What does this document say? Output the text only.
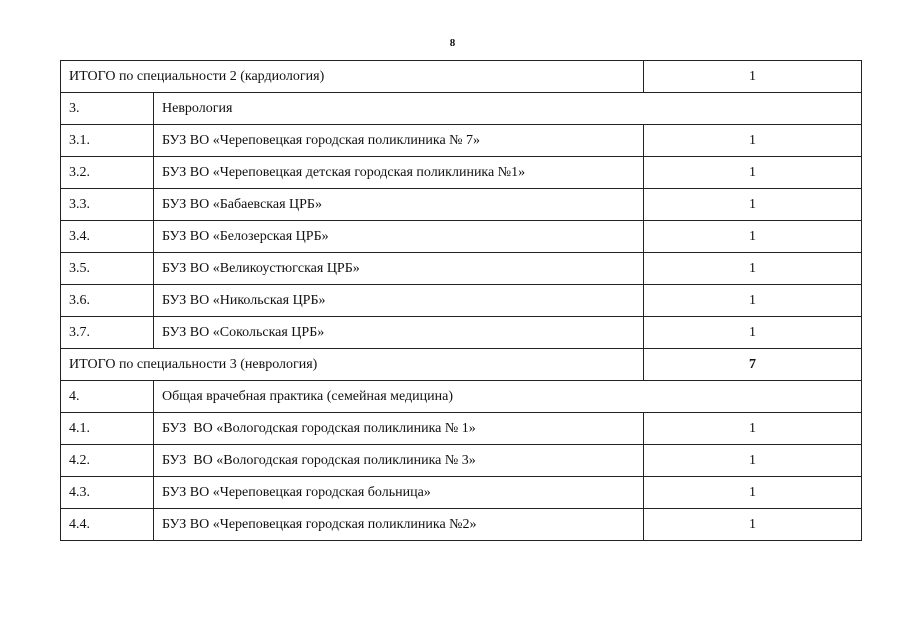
8
ИТОГО по специальности 2 (кардиология)		1
3.	Неврология	
3.1.	БУЗ ВО «Череповецкая городская поликлиника № 7»	1
3.2.	БУЗ ВО «Череповецкая детская городская поликлиника №1»	1
3.3.	БУЗ ВО «Бабаевская ЦРБ»	1
3.4.	БУЗ ВО «Белозерская ЦРБ»	1
3.5.	БУЗ ВО «Великоустюгская ЦРБ»	1
3.6.	БУЗ ВО «Никольская ЦРБ»	1
3.7.	БУЗ ВО «Сокольская ЦРБ»	1
ИТОГО по специальности 3 (неврология)		7
4.	Общая врачебная практика (семейная медицина)	
4.1.	БУЗ  ВО «Вологодская городская поликлиника № 1»	1
4.2.	БУЗ  ВО «Вологодская городская поликлиника № 3»	1
4.3.	БУЗ ВО «Череповецкая городская больница»	1
4.4.	БУЗ ВО «Череповецкая городская поликлиника №2»	1
